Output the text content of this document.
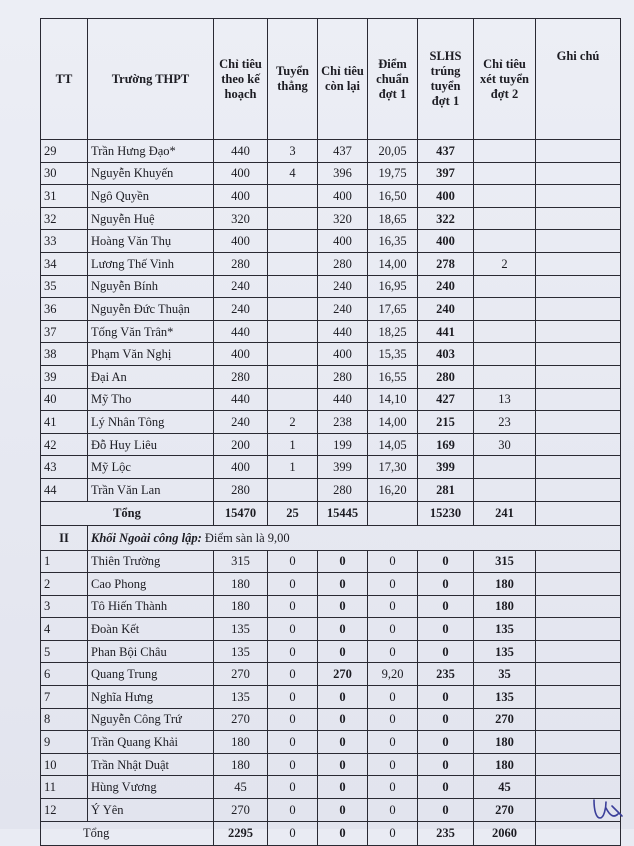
TT	Trường THPT	Chỉ tiêu theo kế hoạch	Tuyển thẳng	Chỉ tiêu còn lại	Điểm chuẩn đợt 1	SLHS trúng tuyển đợt 1	Chỉ tiêu xét tuyển đợt 2	Ghi chú
29	Trần Hưng Đạo*	440	3	437	20,05	437		
30	Nguyễn Khuyến	400	4	396	19,75	397		
31	Ngô Quyền	400		400	16,50	400		
32	Nguyễn Huệ	320		320	18,65	322		
33	Hoàng Văn Thụ	400		400	16,35	400		
34	Lương Thế Vinh	280		280	14,00	278	2	
35	Nguyễn Bính	240		240	16,95	240		
36	Nguyễn Đức Thuận	240		240	17,65	240		
37	Tống Văn Trân*	440		440	18,25	441		
38	Phạm Văn Nghị	400		400	15,35	403		
39	Đại An	280		280	16,55	280		
40	Mỹ Tho	440		440	14,10	427	13	
41	Lý Nhân Tông	240	2	238	14,00	215	23	
42	Đỗ Huy Liêu	200	1	199	14,05	169	30	
43	Mỹ Lộc	400	1	399	17,30	399		
44	Trần Văn Lan	280		280	16,20	281		
Tổng		15470	25	15445		15230	241	
II	Khối Ngoài công lập: Điểm sàn là 9,00							
1	Thiên Trường	315	0	0	0	0	315	
2	Cao Phong	180	0	0	0	0	180	
3	Tô Hiến Thành	180	0	0	0	0	180	
4	Đoàn Kết	135	0	0	0	0	135	
5	Phan Bội Châu	135	0	0	0	0	135	
6	Quang Trung	270	0	270	9,20	235	35	
7	Nghĩa Hưng	135	0	0	0	0	135	
8	Nguyễn Công Trứ	270	0	0	0	0	270	
9	Trần Quang Khải	180	0	0	0	0	180	
10	Trần Nhật Duật	180	0	0	0	0	180	
11	Hùng Vương	45	0	0	0	0	45	
12	Ý Yên	270	0	0	0	0	270	
Tổng		2295	0	0	0	235	2060	
